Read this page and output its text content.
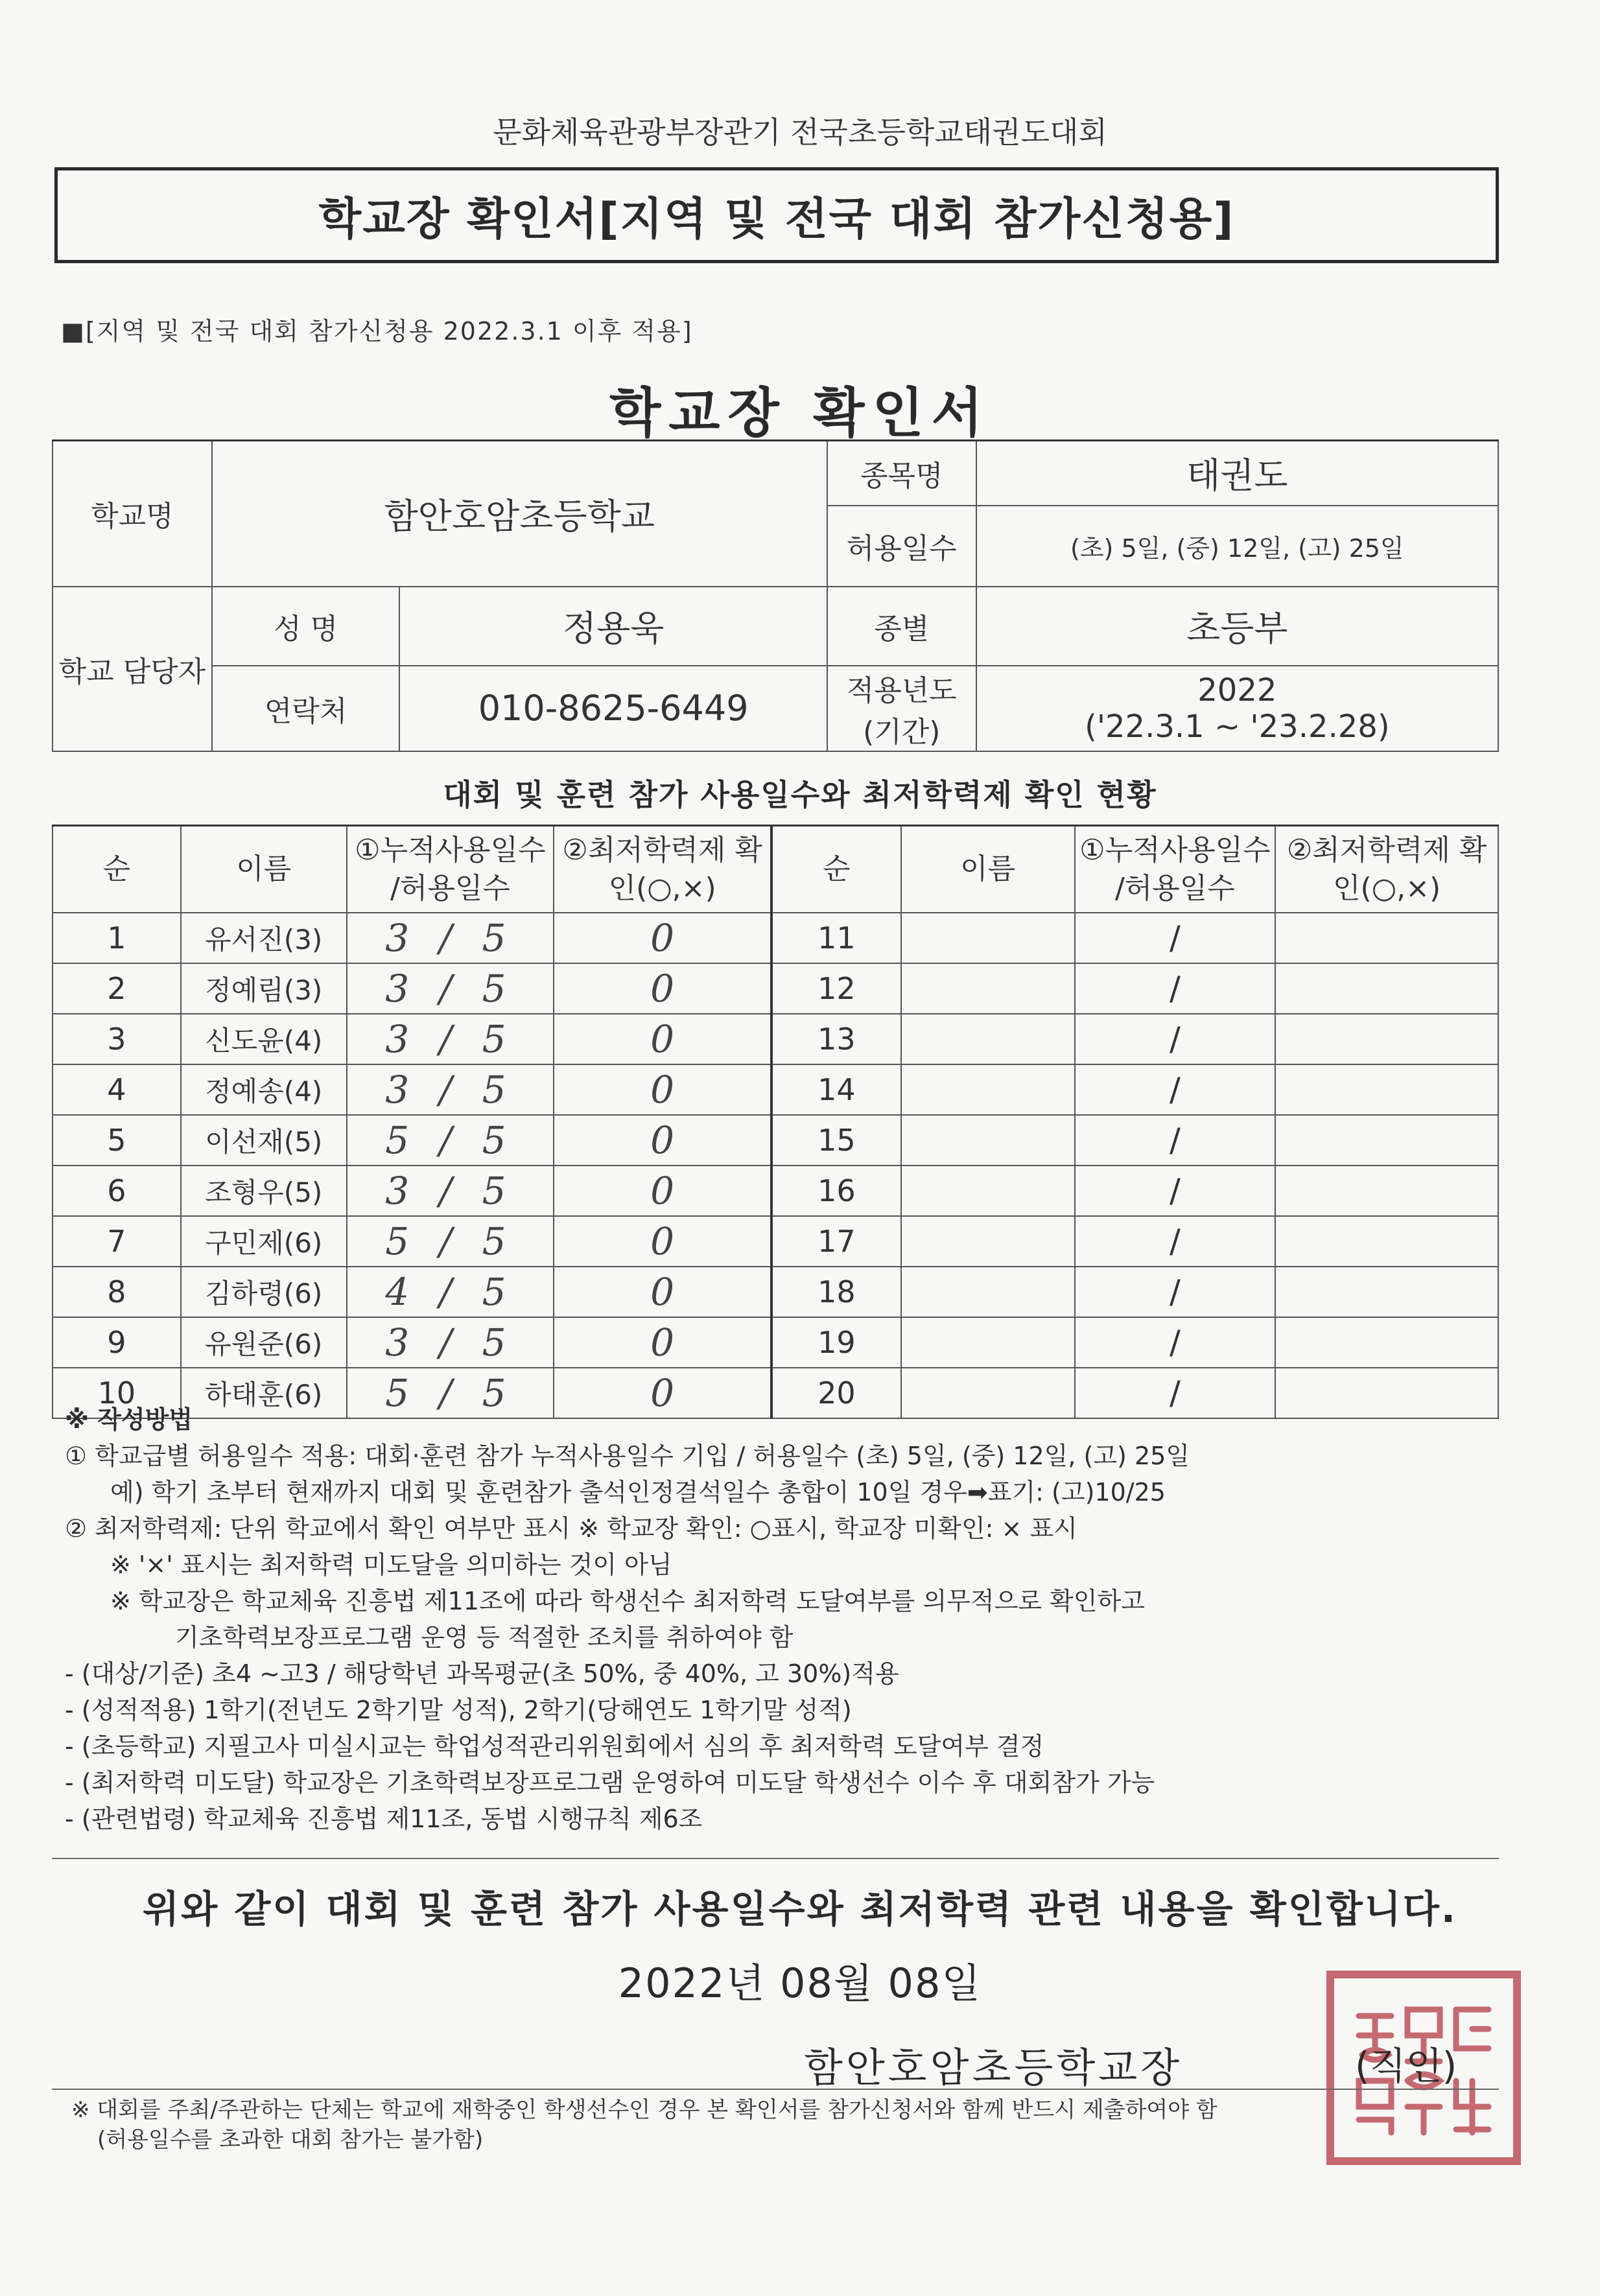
문화체육관광부장관기 전국초등학교태권도대회
학교장 확인서[지역 및 전국 대회 참가신청용]
■[지역 및 전국 대회 참가신청용 2022.3.1 이후 적용]
학교장 확인서
학교명	함안호암초등학교		종목명	태권도
			허용일수	(초) 5일, (중) 12일, (고) 25일
학교 담당자	성 명	정용욱	종별	초등부
	연락처	010-8625-6449	적용년도 (기간)	2022
('22.3.1 ~ '23.2.28)
대회 및 훈련 참가 사용일수와 최저학력제 확인 현황
순	이름	①누적사용일수 /허용일수	②최저학력제 확인(○,×)	순	이름	①누적사용일수 /허용일수	②최저학력제 확인(○,×)
1	유서진(3)	3 / 5	0	11		/	
2	정예림(3)	3 / 5	0	12		/	
3	신도윤(4)	3 / 5	0	13		/	
4	정예송(4)	3 / 5	0	14		/	
5	이선재(5)	5 / 5	0	15		/	
6	조형우(5)	3 / 5	0	16		/	
7	구민제(6)	5 / 5	0	17		/	
8	김하령(6)	4 / 5	0	18		/	
9	유원준(6)	3 / 5	0	19		/	
10	하태훈(6)	5 / 5	0	20		/	
※ 작성방법
① 학교급별 허용일수 적용: 대회·훈련 참가 누적사용일수 기입 / 허용일수 (초) 5일, (중) 12일, (고) 25일
예) 학기 초부터 현재까지 대회 및 훈련참가 출석인정결석일수 총합이 10일 경우➡표기: (고)10/25
② 최저학력제: 단위 학교에서 확인 여부만 표시 ※ 학교장 확인: ○표시, 학교장 미확인: × 표시
※ '×' 표시는 최저학력 미도달을 의미하는 것이 아님
※ 학교장은 학교체육 진흥법 제11조에 따라 학생선수 최저학력 도달여부를 의무적으로 확인하고
기초학력보장프로그램 운영 등 적절한 조치를 취하여야 함
- (대상/기준) 초4 ~고3 / 해당학년 과목평균(초 50%, 중 40%, 고 30%)적용
- (성적적용) 1학기(전년도 2학기말 성적), 2학기(당해연도 1학기말 성적)
- (초등학교) 지필고사 미실시교는 학업성적관리위원회에서 심의 후 최저학력 도달여부 결정
- (최저학력 미도달) 학교장은 기초학력보장프로그램 운영하여 미도달 학생선수 이수 후 대회참가 가능
- (관련법령) 학교체육 진흥법 제11조, 동법 시행규칙 제6조
위와 같이 대회 및 훈련 참가 사용일수와 최저학력 관련 내용을 확인합니다.
2022년 08월 08일
함안호암초등학교장	(직인)
※ 대회를 주최/주관하는 단체는 학교에 재학중인 학생선수인 경우 본 확인서를 참가신청서와 함께 반드시 제출하여야 함
(허용일수를 초과한 대회 참가는 불가함)
